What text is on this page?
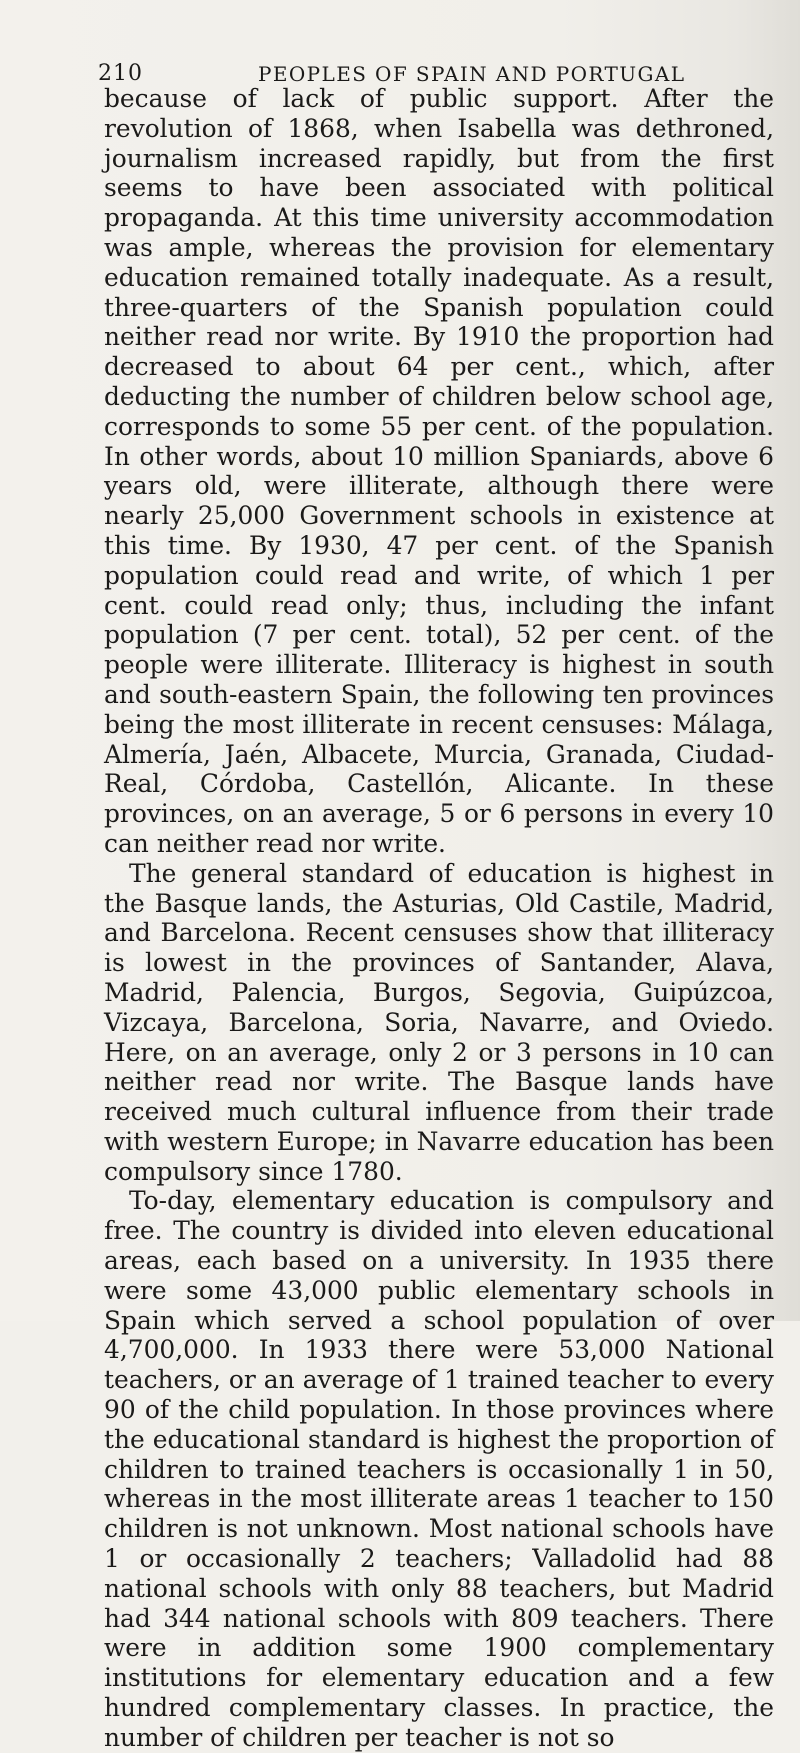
210	PEOPLES OF SPAIN AND PORTUGAL

because of lack of public support. After the revolution of 1868, when Isabella was dethroned, journalism increased rapidly, but from the first seems to have been associated with political propaganda. At this time university accommodation was ample, whereas the provision for elementary education remained totally inadequate. As a result, three-quarters of the Spanish population could neither read nor write. By 1910 the proportion had decreased to about 64 per cent., which, after deducting the number of children below school age, corresponds to some 55 per cent. of the population. In other words, about 10 million Spaniards, above 6 years old, were illiterate, although there were nearly 25,000 Government schools in existence at this time. By 1930, 47 per cent. of the Spanish population could read and write, of which 1 per cent. could read only; thus, including the infant population (7 per cent. total), 52 per cent. of the people were illiterate. Illiteracy is highest in south and south-eastern Spain, the following ten provinces being the most illiterate in recent censuses: Málaga, Almería, Jaén, Albacete, Murcia, Granada, Ciudad-Real, Córdoba, Castellón, Alicante. In these provinces, on an average, 5 or 6 persons in every 10 can neither read nor write.

The general standard of education is highest in the Basque lands, the Asturias, Old Castile, Madrid, and Barcelona. Recent censuses show that illiteracy is lowest in the provinces of Santander, Alava, Madrid, Palencia, Burgos, Segovia, Guipúzcoa, Vizcaya, Barcelona, Soria, Navarre, and Oviedo. Here, on an average, only 2 or 3 persons in 10 can neither read nor write. The Basque lands have received much cultural influence from their trade with western Europe; in Navarre education has been compulsory since 1780.

To-day, elementary education is compulsory and free. The country is divided into eleven educational areas, each based on a university. In 1935 there were some 43,000 public elementary schools in Spain which served a school population of over 4,700,000. In 1933 there were 53,000 National teachers, or an average of 1 trained teacher to every 90 of the child population. In those provinces where the educational standard is highest the proportion of children to trained teachers is occasionally 1 in 50, whereas in the most illiterate areas 1 teacher to 150 children is not unknown. Most national schools have 1 or occasionally 2 teachers; Valladolid had 88 national schools with only 88 teachers, but Madrid had 344 national schools with 809 teachers. There were in addition some 1900 complementary institutions for elementary education and a few hundred complementary classes. In practice, the number of children per teacher is not so
